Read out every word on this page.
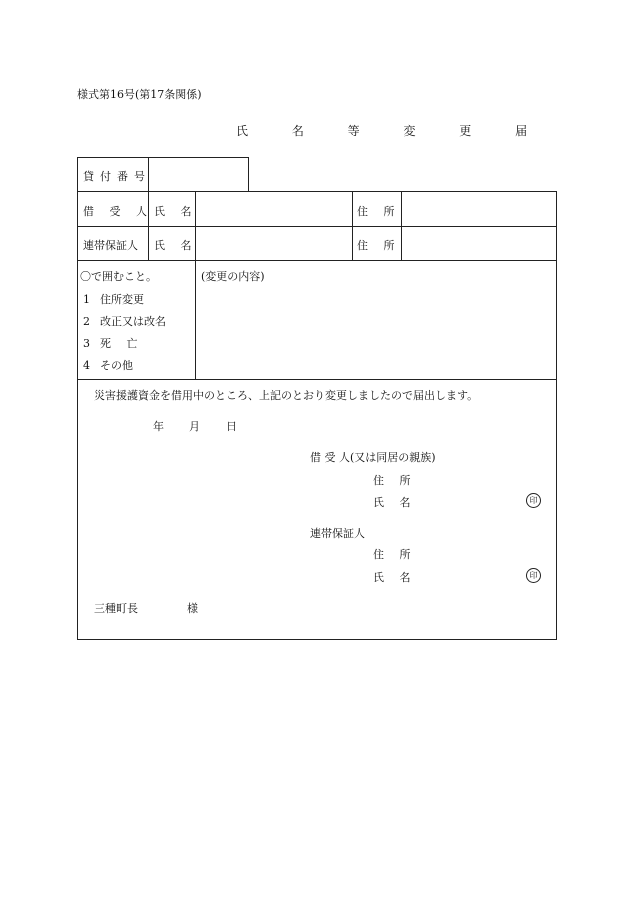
様式第16号(第17条関係)
氏 名 等 変 更 届
貸付番号
借 受 人 氏 名	住 所
連帯保証人 氏 名	住 所
〇で囲むこと。
1 住所変更
2 改正又は改名
3 死 亡
4 その他
(変更の内容)
災害援護資金を借用中のところ、上記のとおり変更しましたので届出します。
年 月 日
借 受 人(又は同居の親族)
住 所
氏 名	印
連帯保証人
住 所
氏 名	印
三種町長	様
